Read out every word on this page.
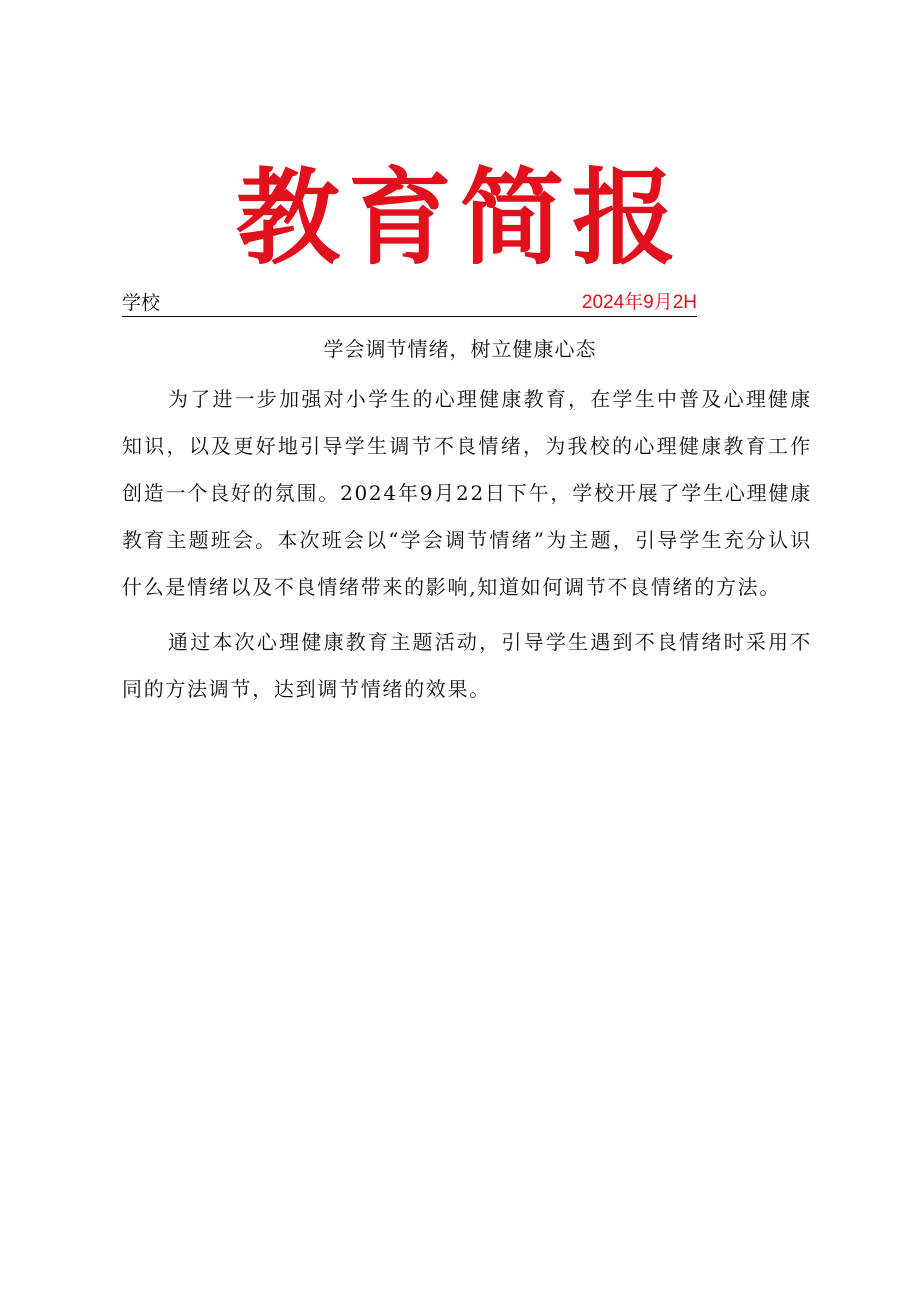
教育简报
学校	2024年9月2H
学会调节情绪，树立健康心态

为了进一步加强对小学生的心理健康教育，在学生中普及心理健康知识，以及更好地引导学生调节不良情绪，为我校的心理健康教育工作创造一个良好的氛围。2024年9月22日下午，学校开展了学生心理健康教育主题班会。本次班会以“学会调节情绪”为主题，引导学生充分认识什么是情绪以及不良情绪带来的影响,知道如何调节不良情绪的方法。

通过本次心理健康教育主题活动，引导学生遇到不良情绪时采用不同的方法调节，达到调节情绪的效果。
